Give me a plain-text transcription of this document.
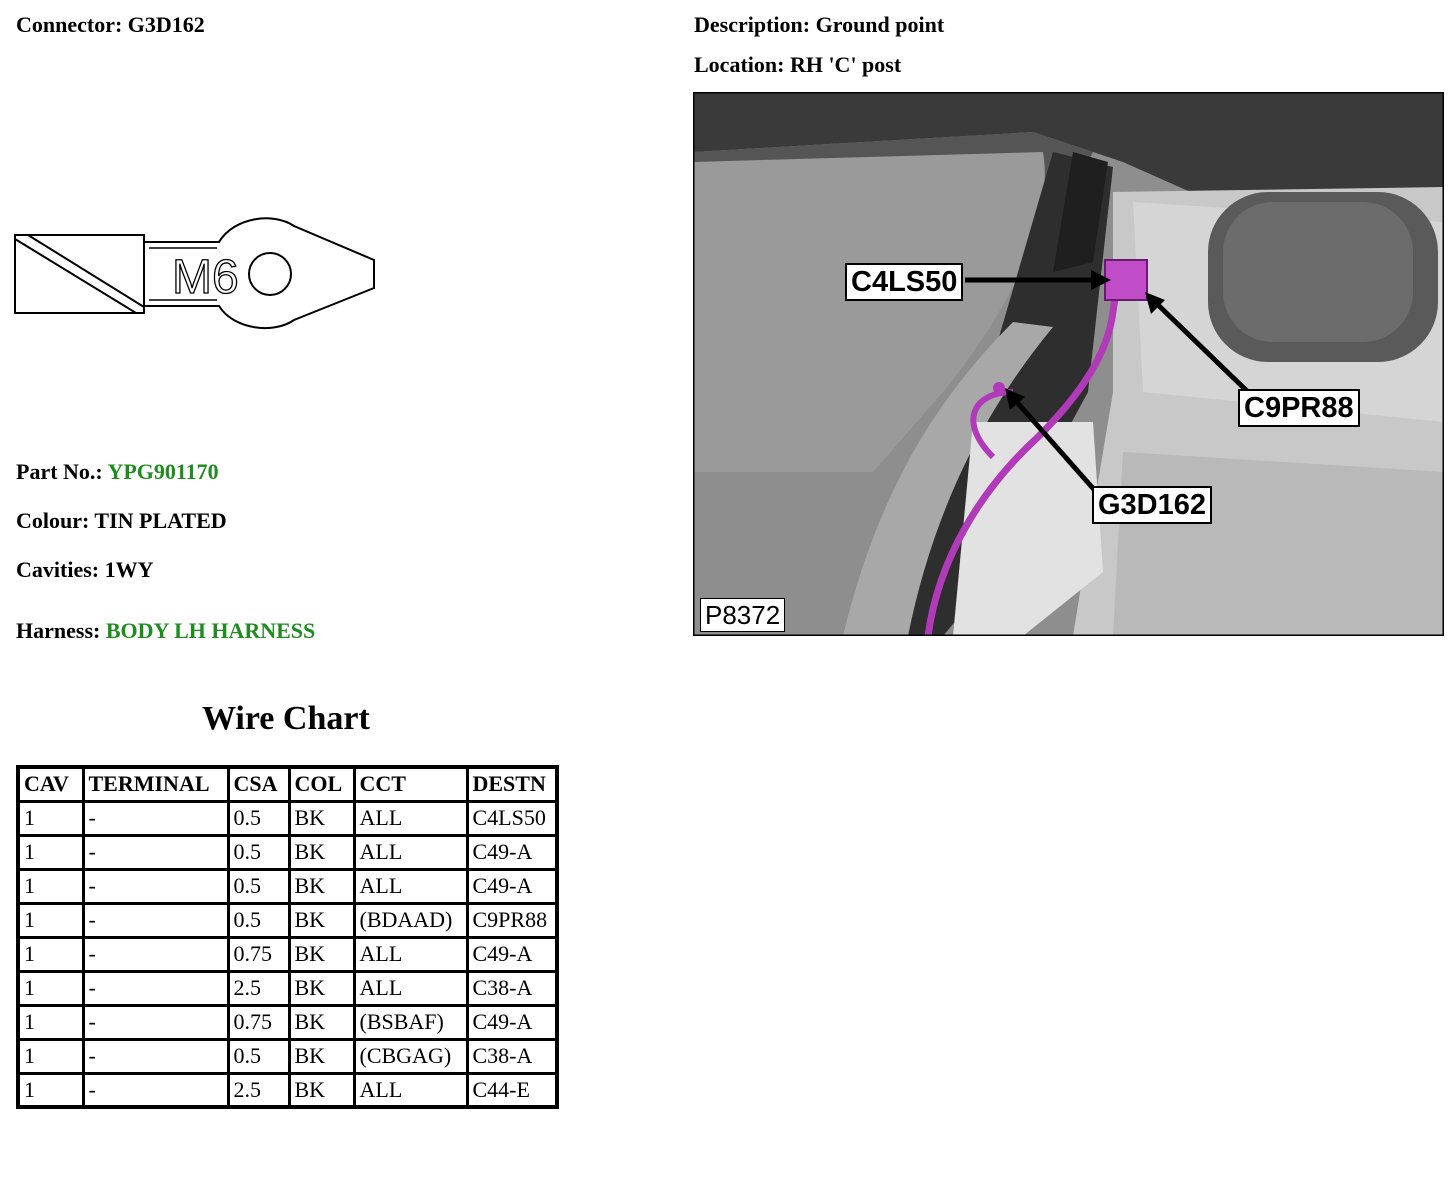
Connector: G3D162	Description: Ground point
Location: RH 'C' post
M6
Part No.: YPG901170
Colour: TIN PLATED
Cavities: 1WY
Harness: BODY LH HARNESS
C4LS50
C9PR88
G3D162
P8372
Wire Chart
CAV	TERMINAL	CSA	COL	CCT	DESTN
1	-	0.5	BK	ALL	C4LS50
1	-	0.5	BK	ALL	C49-A
1	-	0.5	BK	ALL	C49-A
1	-	0.5	BK	(BDAAD)	C9PR88
1	-	0.75	BK	ALL	C49-A
1	-	2.5	BK	ALL	C38-A
1	-	0.75	BK	(BSBAF)	C49-A
1	-	0.5	BK	(CBGAG)	C38-A
1	-	2.5	BK	ALL	C44-E
